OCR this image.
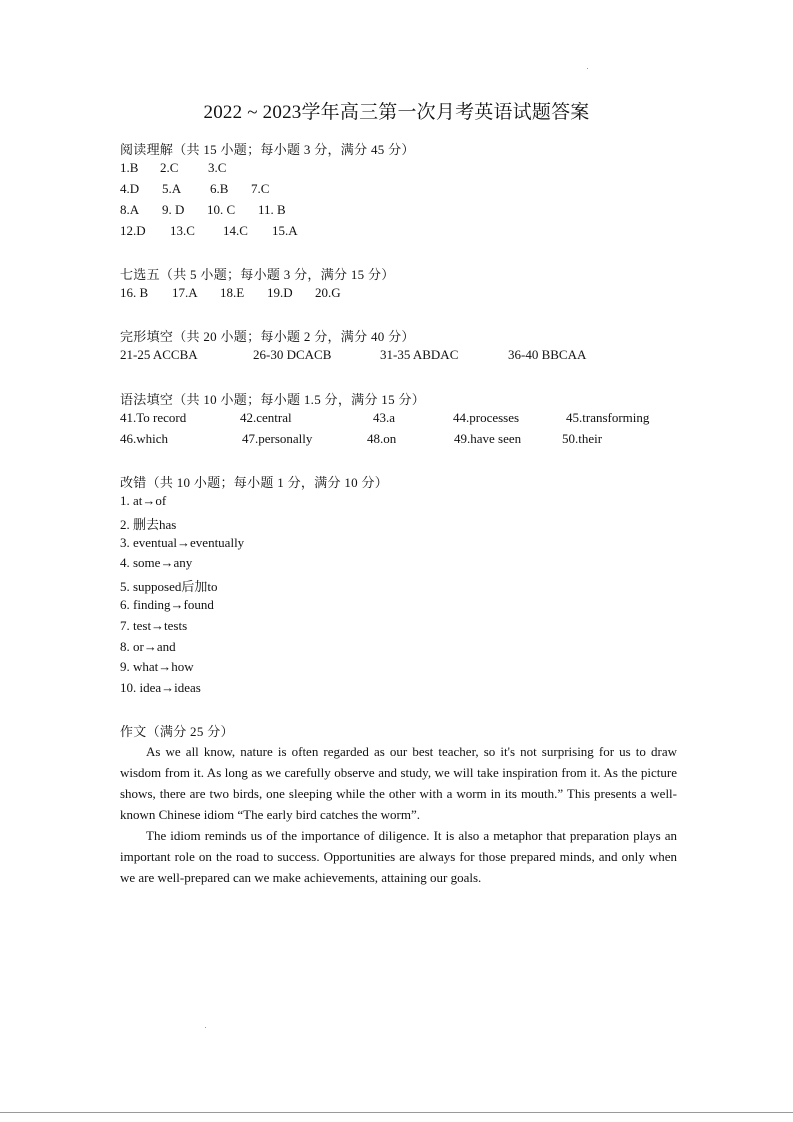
2022 ~ 2023学年高三第一次月考英语试题答案
阅读理解（共 15 小题；每小题 3 分，满分 45 分）
1.B 2.C 3.C
4.D 5.A 6.B 7.C
8.A 9. D 10. C 11. B
12.D 13.C 14.C 15.A
七选五（共 5 小题；每小题 3 分，满分 15 分）
16. B 17.A 18.E 19.D 20.G
完形填空（共 20 小题；每小题 2 分，满分 40 分）
21-25 ACCBA	26-30 DCACB	31-35 ABDAC	36-40 BBCAA
语法填空（共 10 小题；每小题 1.5 分，满分 15 分）
41.To record	42.central	43.a	44.processes	45.transforming
46.which	47.personally	48.on	49.have seen	50.their
改错（共 10 小题；每小题 1 分，满分 10 分）
1. at→of
2. 删去has
3. eventual→eventually
4. some→any
5. supposed后加to
6. finding→found
7. test→tests
8. or→and
9. what→how
10. idea→ideas
作文（满分 25 分）

As we all know, nature is often regarded as our best teacher, so it's not surprising for us to draw wisdom from it. As long as we carefully observe and study, we will take inspiration from it. As the picture shows, there are two birds, one sleeping while the other with a worm in its mouth.” This presents a well-known Chinese idiom “The early bird catches the worm”.

The idiom reminds us of the importance of diligence. It is also a metaphor that preparation plays an important role on the road to success. Opportunities are always for those prepared minds, and only when we are well-prepared can we make achievements, attaining our goals.
